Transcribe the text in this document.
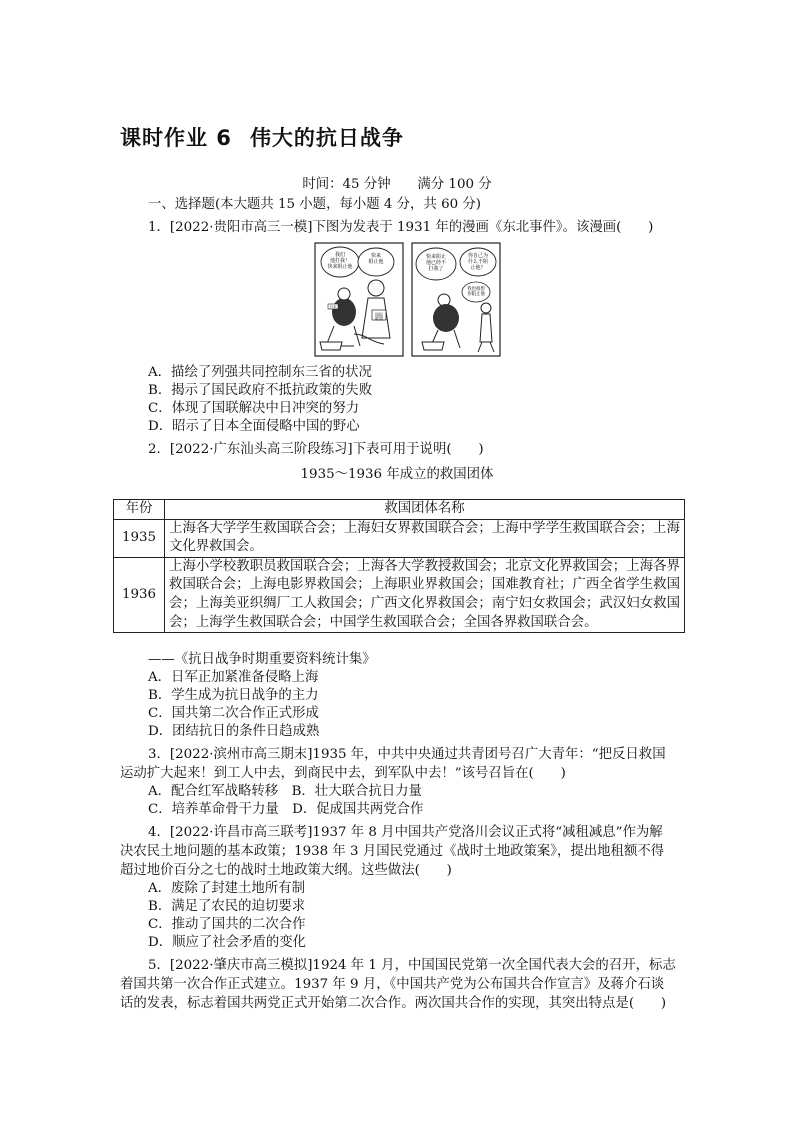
课时作业 6 伟大的抗日战争
时间：45 分钟　　满分 100 分
一、选择题(本大题共 15 小题，每小题 4 分，共 60 分)
1．[2022·贵阳市高三一模]下图为发表于 1931 年的漫画《东北事件》。该漫画(　　)
我们
他打我！
快来阻止他
快来
阻止他
国际
联盟
日本
快来阻止
他已经不
打我了
你自己为
什么不阻
止他？
我也很想
你阻止他
A．描绘了列强共同控制东三省的状况
B．揭示了国民政府不抵抗政策的失败
C．体现了国联解决中日冲突的努力
D．昭示了日本全面侵略中国的野心
2．[2022·广东汕头高三阶段练习]下表可用于说明(　　)
1935～1936 年成立的救国团体
年份	救国团体名称
1935	上海各大学学生救国联合会；上海妇女界救国联合会；上海中学学生救国联合会；上海文化界救国会。
1936	上海小学校教职员救国联合会；上海各大学教授救国会；北京文化界救国会；上海各界救国联合会；上海电影界救国会；上海职业界救国会；国难教育社；广西全省学生救国会；上海美亚织绸厂工人救国会；广西文化界救国会；南宁妇女救国会；武汉妇女救国会；上海学生救国联合会；中国学生救国联合会；全国各界救国联合会。
——《抗日战争时期重要资料统计集》
A．日军正加紧准备侵略上海
B．学生成为抗日战争的主力
C．国共第二次合作正式形成
D．团结抗日的条件日趋成熟
3．[2022·滨州市高三期末]1935 年，中共中央通过共青团号召广大青年：“把反日救国
运动扩大起来！到工人中去，到商民中去，到军队中去！”该号召旨在(　　)
A．配合红军战略转移　B．壮大联合抗日力量
C．培养革命骨干力量　D．促成国共两党合作
4．[2022·许昌市高三联考]1937 年 8 月中国共产党洛川会议正式将“减租减息”作为解
决农民土地问题的基本政策；1938 年 3 月国民党通过《战时土地政策案》，提出地租额不得
超过地价百分之七的战时土地政策大纲。这些做法(　　)
A．废除了封建土地所有制
B．满足了农民的迫切要求
C．推动了国共的二次合作
D．顺应了社会矛盾的变化
5．[2022·肇庆市高三模拟]1924 年 1 月，中国国民党第一次全国代表大会的召开，标志
着国共第一次合作正式建立。1937 年 9 月，《中国共产党为公布国共合作宣言》及蒋介石谈
话的发表，标志着国共两党正式开始第二次合作。两次国共合作的实现，其突出特点是(　　)
